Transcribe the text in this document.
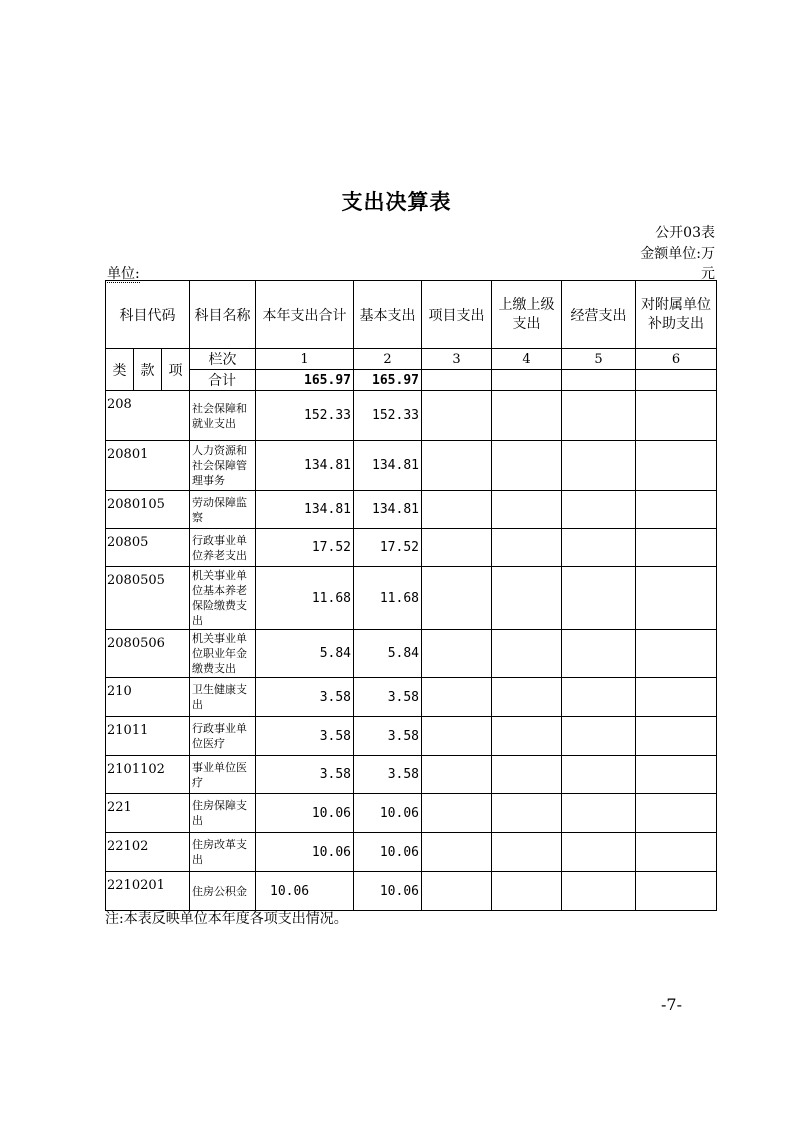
支出决算表
公开03表
金额单位:万
元
单位:
科目代码			科目名称	本年支出合计	基本支出	项目支出	上缴上级支出	经营支出	对附属单位补助支出
类	款	项	栏次	1	2	3	4	5	6
			合计	165.97	165.97				
208			社会保障和就业支出	152.33	152.33				
20801			人力资源和社会保障管理事务	134.81	134.81				
2080105			劳动保障监察	134.81	134.81				
20805			行政事业单位养老支出	17.52	17.52				
2080505			机关事业单位基本养老保险缴费支出	11.68	11.68				
2080506			机关事业单位职业年金缴费支出	5.84	5.84				
210			卫生健康支出	3.58	3.58				
21011			行政事业单位医疗	3.58	3.58				
2101102			事业单位医疗	3.58	3.58				
221			住房保障支出	10.06	10.06				
22102			住房改革支出	10.06	10.06				
2210201			住房公积金	10.06	10.06				
注:本表反映单位本年度各项支出情况。
-7-
